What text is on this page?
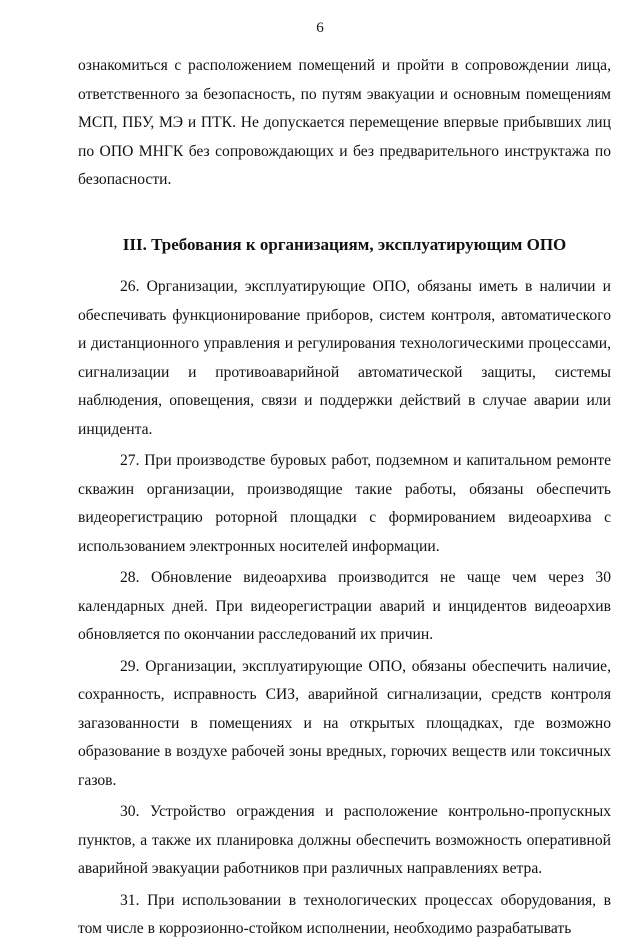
6

ознакомиться с расположением помещений и пройти в сопровождении лица, ответственного за безопасность, по путям эвакуации и основным помещениям МСП, ПБУ, МЭ и ПТК. Не допускается перемещение впервые прибывших лиц по ОПО МНГК без сопровождающих и без предварительного инструктажа по безопасности.

III. Требования к организациям, эксплуатирующим ОПО

26. Организации, эксплуатирующие ОПО, обязаны иметь в наличии и обеспечивать функционирование приборов, систем контроля, автоматического и дистанционного управления и регулирования технологическими процессами, сигнализации и противоаварийной автоматической защиты, системы наблюдения, оповещения, связи и поддержки действий в случае аварии или инцидента.

27. При производстве буровых работ, подземном и капитальном ремонте скважин организации, производящие такие работы, обязаны обеспечить видеорегистрацию роторной площадки с формированием видеоархива с использованием электронных носителей информации.

28. Обновление видеоархива производится не чаще чем через 30 календарных дней. При видеорегистрации аварий и инцидентов видеоархив обновляется по окончании расследований их причин.

29. Организации, эксплуатирующие ОПО, обязаны обеспечить наличие, сохранность, исправность СИЗ, аварийной сигнализации, средств контроля загазованности в помещениях и на открытых площадках, где возможно образование в воздухе рабочей зоны вредных, горючих веществ или токсичных газов.

30. Устройство ограждения и расположение контрольно-пропускных пунктов, а также их планировка должны обеспечить возможность оперативной аварийной эвакуации работников при различных направлениях ветра.

31. При использовании в технологических процессах оборудования, в том числе в коррозионно-стойком исполнении, необходимо разрабатывать
